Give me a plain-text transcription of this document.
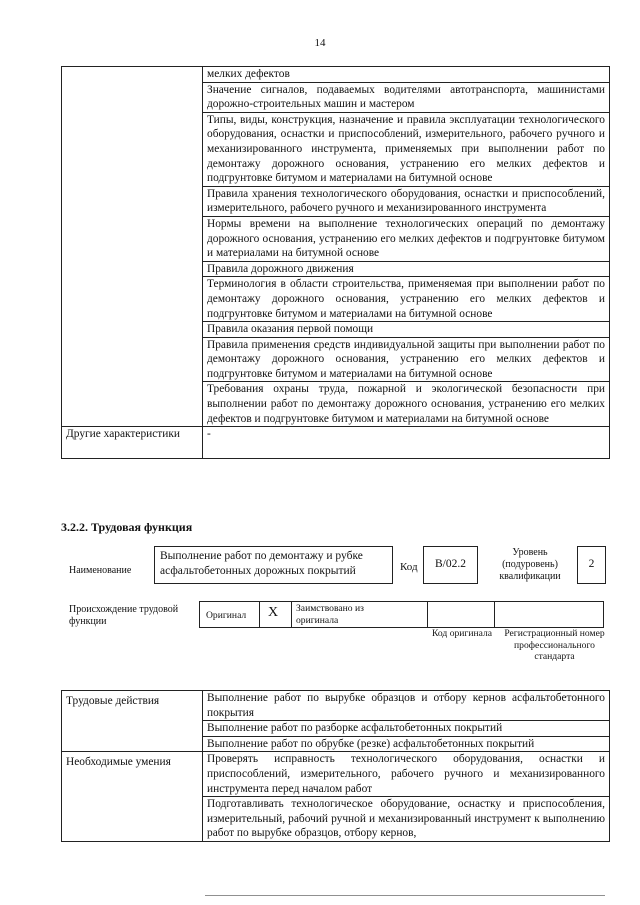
14
	мелких дефектов
	Значение сигналов, подаваемых водителями автотранспорта, машинистами дорожно-строительных машин и мастером
	Типы, виды, конструкция, назначение и правила эксплуатации технологического оборудования, оснастки и приспособлений, измерительного, рабочего ручного и механизированного инструмента, применяемых при выполнении работ по демонтажу дорожного основания, устранению его мелких дефектов и подгрунтовке битумом и материалами на битумной основе
	Правила хранения технологического оборудования, оснастки и приспособлений, измерительного, рабочего ручного и механизированного инструмента
	Нормы времени на выполнение технологических операций по демонтажу дорожного основания, устранению его мелких дефектов и подгрунтовке битумом и материалами на битумной основе
	Правила дорожного движения
	Терминология в области строительства, применяемая при выполнении работ по демонтажу дорожного основания, устранению его мелких дефектов и подгрунтовке битумом и материалами на битумной основе
	Правила оказания первой помощи
	Правила применения средств индивидуальной защиты при выполнении работ по демонтажу дорожного основания, устранению его мелких дефектов и подгрунтовке битумом и материалами на битумной основе
	Требования охраны труда, пожарной и экологической безопасности при выполнении работ по демонтажу дорожного основания, устранению его мелких дефектов и подгрунтовке битумом и материалами на битумной основе
Другие характеристики	-
3.2.2. Трудовая функция
Наименование
Выполнение работ по демонтажу и рубке асфальтобетонных дорожных покрытий	Код	B/02.2
Уровень (подуровень) квалификации
2
Происхождение трудовой функции
Оригинал X Заимствовано из оригинала
Код оригинала	Регистрационный номер профессионального стандарта
Трудовые действия	Выполнение работ по вырубке образцов и отбору кернов асфальтобетонного покрытия
	Выполнение работ по разборке асфальтобетонных покрытий
	Выполнение работ по обрубке (резке) асфальтобетонных покрытий
Необходимые умения	Проверять исправность технологического оборудования, оснастки и приспособлений, измерительного, рабочего ручного и механизированного инструмента перед началом работ
	Подготавливать технологическое оборудование, оснастку и приспособления, измерительный, рабочий ручной и механизированный инструмент к выполнению работ по вырубке образцов, отбору кернов,
